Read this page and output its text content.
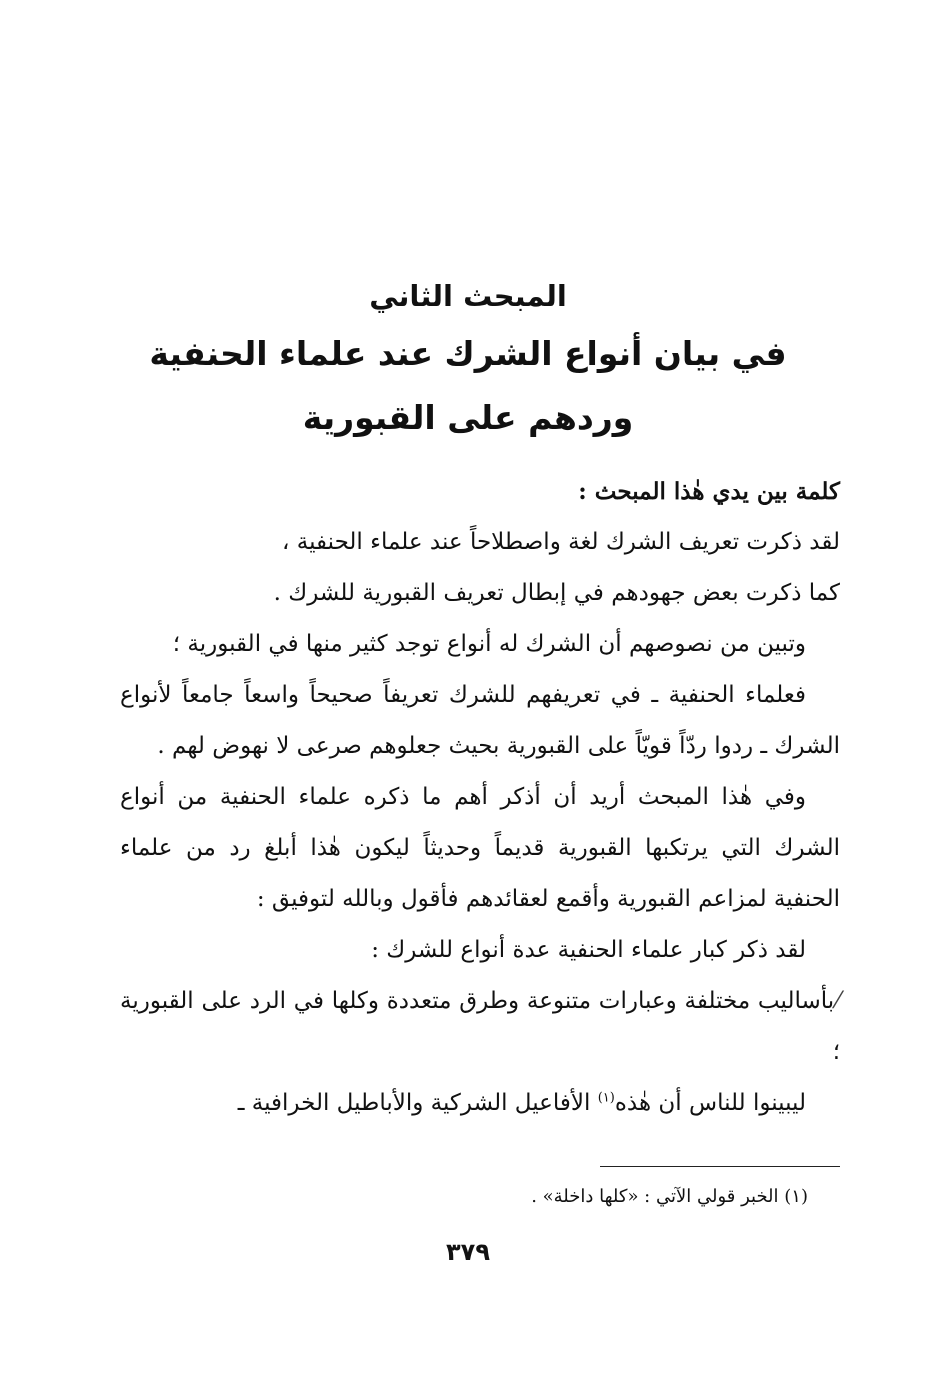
المبحث الثاني
في بيان أنواع الشرك عند علماء الحنفية
وردهم على القبورية

كلمة بين يدي هٰذا المبحث :

لقد ذكرت تعريف الشرك لغة واصطلاحاً عند علماء الحنفية ،

كما ذكرت بعض جهودهم في إبطال تعريف القبورية للشرك .

وتبين من نصوصهم أن الشرك له أنواع توجد كثير منها في القبورية ؛

فعلماء الحنفية ـ في تعريفهم للشرك تعريفاً صحيحاً واسعاً جامعاً لأنواع الشرك ـ ردوا ردّاً قويّاً على القبورية بحيث جعلوهم صرعى لا نهوض لهم .

وفي هٰذا المبحث أريد أن أذكر أهم ما ذكره علماء الحنفية من أنواع الشرك التي يرتكبها القبورية قديماً وحديثاً ليكون هٰذا أبلغ رد من علماء الحنفية لمزاعم القبورية وأقمع لعقائدهم فأقول وبالله لتوفيق :

لقد ذكر كبار علماء الحنفية عدة أنواع للشرك :

⁄بأساليب مختلفة وعبارات متنوعة وطرق متعددة وكلها في الرد على القبورية ؛

ليبينوا للناس أن هٰذه$^{(١)}$ الأفاعيل الشركية والأباطيل الخرافية ـ

(١) الخبر قولي الآتي : «كلها داخلة» .
٣٧٩
